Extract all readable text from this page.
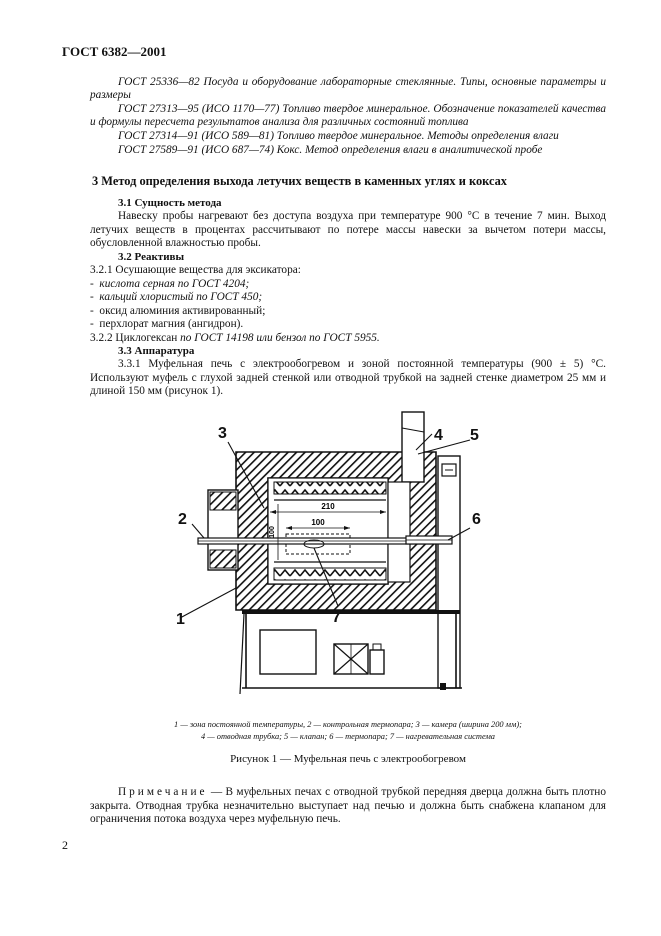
ГОСТ 6382—2001
ГОСТ 25336—82 Посуда и оборудование лабораторные стеклянные. Типы, основные параметры и размеры
ГОСТ 27313—95 (ИСО 1170—77) Топливо твердое минеральное. Обозначение показателей качества и формулы пересчета результатов анализа для различных состояний топлива
ГОСТ 27314—91 (ИСО 589—81) Топливо твердое минеральное. Методы определения влаги
ГОСТ 27589—91 (ИСО 687—74) Кокс. Метод определения влаги в аналитической пробе
3 Метод определения выхода летучих веществ в каменных углях и коксах
3.1 Сущность метода
Навеску пробы нагревают без доступа воздуха при температуре 900 °С в течение 7 мин. Выход летучих веществ в процентах рассчитывают по потере массы навески за вычетом потери массы, обусловленной влажностью пробы.
3.2 Реактивы
3.2.1 Осушающие вещества для эксикатора:
- кислота серная по ГОСТ 4204;
- кальций хлористый по ГОСТ 450;
- оксид алюминия активированный;
- перхлорат магния (ангидрон).
3.2.2 Циклогексан по ГОСТ 14198 или бензол по ГОСТ 5955.
3.3 Аппаратура
3.3.1 Муфельная печь с электрообогревом и зоной постоянной температуры (900 ± 5) °С. Используют муфель с глухой задней стенкой или отводной трубкой на задней стенке диаметром 25 мм и длиной 150 мм (рисунок 1).
210
100
100
1
2
3	4 5
6
7
1 — зона постоянной температуры, 2 — контрольная термопара; 3 — камера (ширина 200 мм);
4 — отводная трубка; 5 — клапан; 6 — термопара; 7 — нагревательная система
Рисунок 1 — Муфельная печь с электрообогревом
Примечание — В муфельных печах с отводной трубкой передняя дверца должна быть плотно закрыта. Отводная трубка незначительно выступает над печью и должна быть снабжена клапаном для ограничения потока воздуха через муфельную печь.
2
